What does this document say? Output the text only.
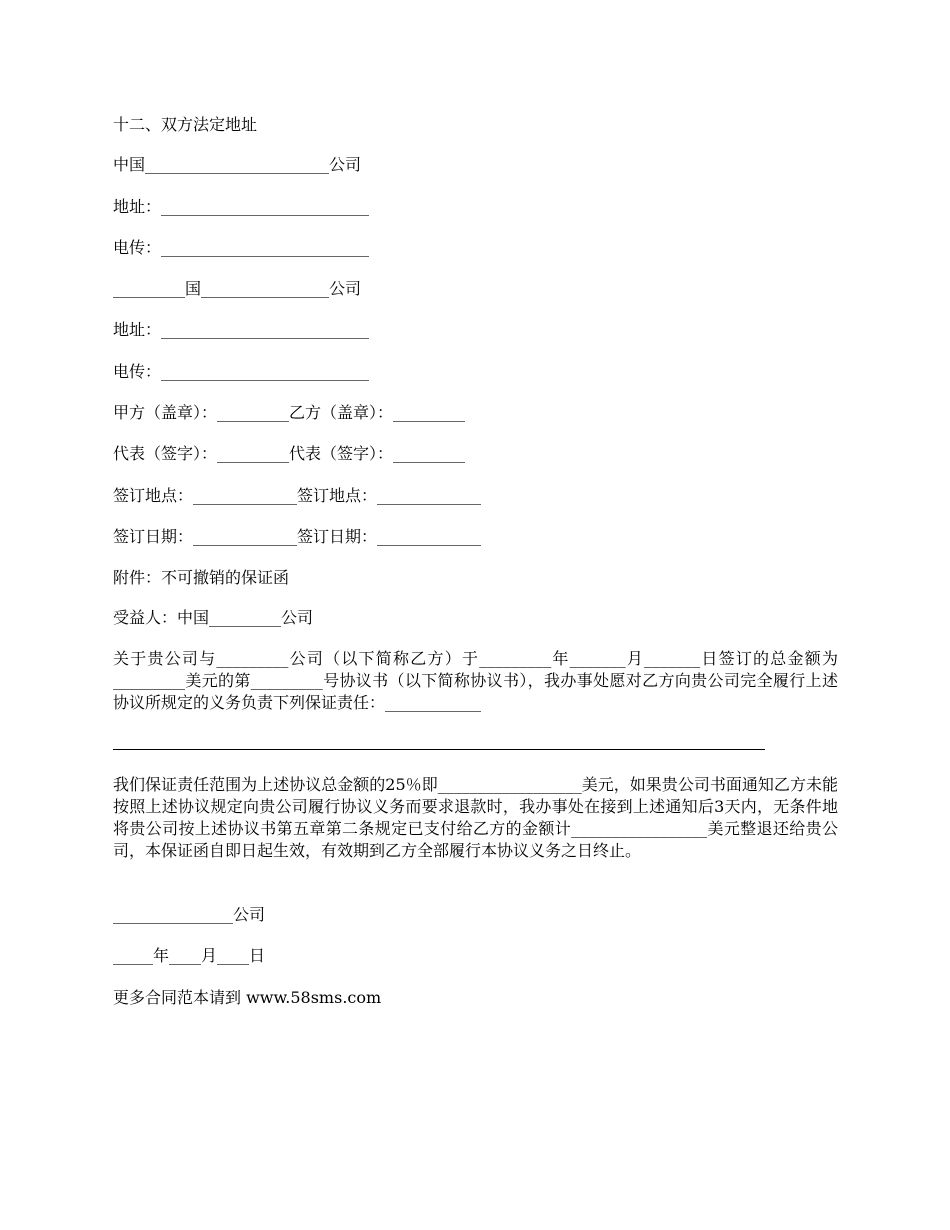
十二、双方法定地址
中国_______________________公司
地址：__________________________
电传：__________________________
_________国________________公司
地址：__________________________
电传：__________________________
甲方（盖章）：_________乙方（盖章）：_________
代表（签字）：_________代表（签字）：_________
签订地点：_____________签订地点：_____________
签订日期：_____________签订日期：_____________
附件：不可撤销的保证函
受益人：中国_________公司
关于贵公司与_________公司（以下简称乙方）于_________年_______月_______日签订的总金额为_________美元的第_________号协议书（以下简称协议书），我办事处愿对乙方向贵公司完全履行上述协议所规定的义务负责下列保证责任：____________
我们保证责任范围为上述协议总金额的25％即__________________美元，如果贵公司书面通知乙方未能按照上述协议规定向贵公司履行协议义务而要求退款时，我办事处在接到上述通知后3天内，无条件地将贵公司按上述协议书第五章第二条规定已支付给乙方的金额计_________________美元整退还给贵公司，本保证函自即日起生效，有效期到乙方全部履行本协议义务之日终止。
_______________公司
_____年____月____日
更多合同范本请到 www.58sms.com
